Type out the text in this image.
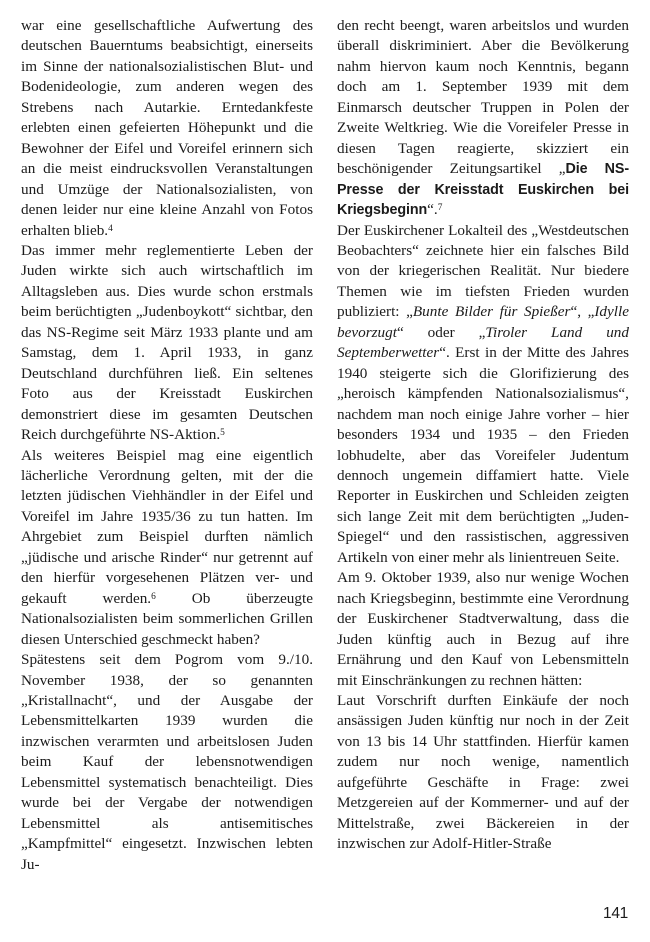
war eine gesellschaftliche Aufwertung des deutschen Bauerntums beabsichtigt, einerseits im Sinne der nationalsozialistischen Blut- und Bodenideologie, zum anderen wegen des Strebens nach Autarkie. Erntedankfeste erlebten einen gefeierten Höhepunkt und die Bewohner der Eifel und Voreifel erinnern sich an die meist eindrucksvollen Veranstaltungen und Umzüge der Nationalsozialisten, von denen leider nur eine kleine Anzahl von Fotos erhalten blieb.$^4$

Das immer mehr reglementierte Leben der Juden wirkte sich auch wirtschaftlich im Alltagsleben aus. Dies wurde schon erstmals beim berüchtigten „Judenboykott“ sichtbar, den das NS-Regime seit März 1933 plante und am Samstag, dem 1. April 1933, in ganz Deutschland durchführen ließ. Ein seltenes Foto aus der Kreisstadt Euskirchen demonstriert diese im gesamten Deutschen Reich durchgeführte NS-Aktion.$^5$

Als weiteres Beispiel mag eine eigentlich lächerliche Verordnung gelten, mit der die letzten jüdischen Viehhändler in der Eifel und Voreifel im Jahre 1935/36 zu tun hatten. Im Ahrgebiet zum Beispiel durften nämlich „jüdische und arische Rinder“ nur getrennt auf den hierfür vorgesehenen Plätzen ver- und gekauft werden.$^6$ Ob überzeugte Nationalsozialisten beim sommerlichen Grillen diesen Unterschied geschmeckt haben?

Spätestens seit dem Pogrom vom 9./10. November 1938, der so genannten „Kristallnacht“, und der Ausgabe der Lebensmittelkarten 1939 wurden die inzwischen verarmten und arbeitslosen Juden beim Kauf der lebensnotwendigen Lebensmittel systematisch benachteiligt. Dies wurde bei der Vergabe der notwendigen Lebensmittel als antisemitisches „Kampfmittel“ eingesetzt. Inzwischen lebten Ju-

den recht beengt, waren arbeitslos und wurden überall diskriminiert. Aber die Bevölkerung nahm hiervon kaum noch Kenntnis, begann doch am 1. September 1939 mit dem Einmarsch deutscher Truppen in Polen der Zweite Weltkrieg. Wie die Voreifeler Presse in diesen Tagen reagierte, skizziert ein beschönigender Zeitungsartikel „Die NS-Presse der Kreisstadt Euskirchen bei Kriegsbeginn“.$^7$

Der Euskirchener Lokalteil des „Westdeutschen Beobachters“ zeichnete hier ein falsches Bild von der kriegerischen Realität. Nur biedere Themen wie im tiefsten Frieden wurden publiziert: „Bunte Bilder für Spießer“, „Idylle bevorzugt“ oder „Tiroler Land und Septemberwetter“. Erst in der Mitte des Jahres 1940 steigerte sich die Glorifizierung des „heroisch kämpfenden Nationalsozialismus“, nachdem man noch einige Jahre vorher – hier besonders 1934 und 1935 – den Frieden lobhudelte, aber das Voreifeler Judentum dennoch ungemein diffamiert hatte. Viele Reporter in Euskirchen und Schleiden zeigten sich lange Zeit mit dem berüchtigten „Juden-Spiegel“ und den rassistischen, aggressiven Artikeln von einer mehr als linientreuen Seite.

Am 9. Oktober 1939, also nur wenige Wochen nach Kriegsbeginn, bestimmte eine Verordnung der Euskirchener Stadtverwaltung, dass die Juden künftig auch in Bezug auf ihre Ernährung und den Kauf von Lebensmitteln mit Einschränkungen zu rechnen hätten:

Laut Vorschrift durften Einkäufe der noch ansässigen Juden künftig nur noch in der Zeit von 13 bis 14 Uhr stattfinden. Hierfür kamen zudem nur noch wenige, namentlich aufgeführte Geschäfte in Frage: zwei Metzgereien auf der Kommerner- und auf der Mittelstraße, zwei Bäckereien in der inzwischen zur Adolf-Hitler-Straße

141
